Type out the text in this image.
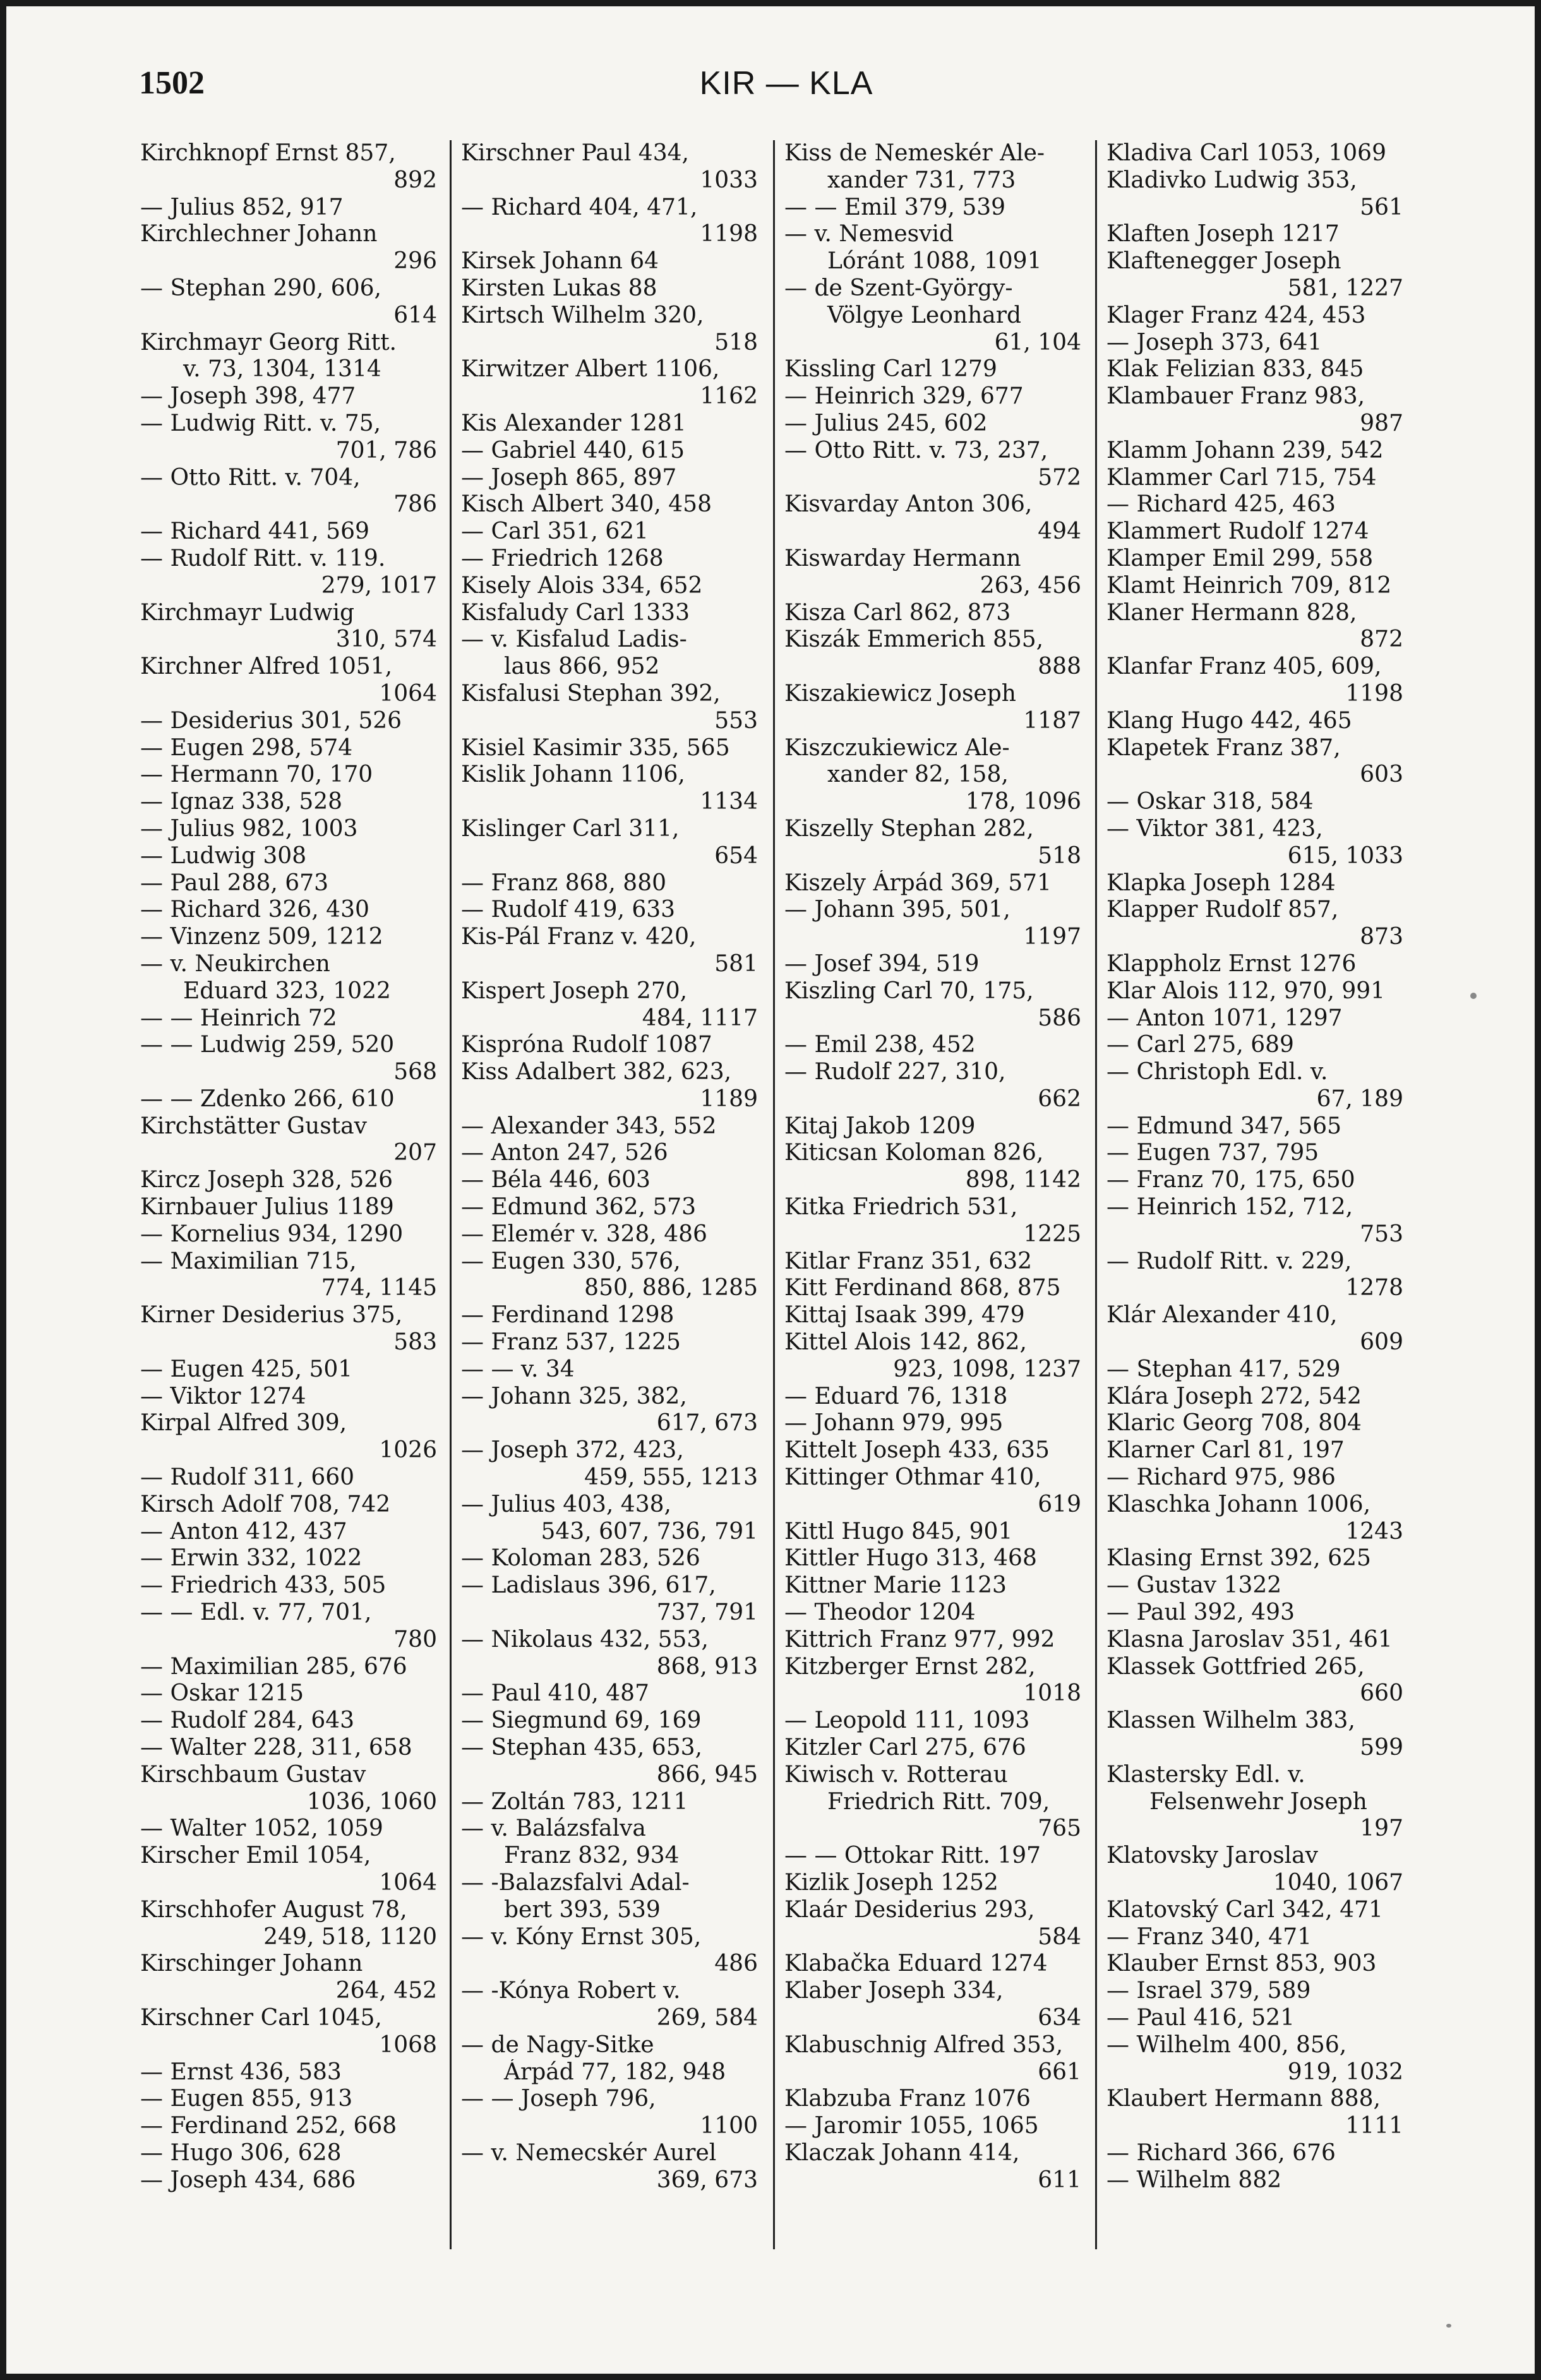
1502	KIR — KLA
Kirchknopf Ernst 857,
892
— Julius 852, 917
Kirchlechner Johann
296
— Stephan 290, 606,
614
Kirchmayr Georg Ritt.
v. 73, 1304, 1314
— Joseph 398, 477
— Ludwig Ritt. v. 75,
701, 786
— Otto Ritt. v. 704,
786
— Richard 441, 569
— Rudolf Ritt. v. 119.
279, 1017
Kirchmayr Ludwig
310, 574
Kirchner Alfred 1051,
1064
— Desiderius 301, 526
— Eugen 298, 574
— Hermann 70, 170
— Ignaz 338, 528
— Julius 982, 1003
— Ludwig 308
— Paul 288, 673
— Richard 326, 430
— Vinzenz 509, 1212
— v. Neukirchen
Eduard 323, 1022
— — Heinrich 72
— — Ludwig 259, 520
568
— — Zdenko 266, 610
Kirchstätter Gustav
207
Kircz Joseph 328, 526
Kirnbauer Julius 1189
— Kornelius 934, 1290
— Maximilian 715,
774, 1145
Kirner Desiderius 375,
583
— Eugen 425, 501
— Viktor 1274
Kirpal Alfred 309,
1026
— Rudolf 311, 660
Kirsch Adolf 708, 742
— Anton 412, 437
— Erwin 332, 1022
— Friedrich 433, 505
— — Edl. v. 77, 701,
780
— Maximilian 285, 676
— Oskar 1215
— Rudolf 284, 643
— Walter 228, 311, 658
Kirschbaum Gustav
1036, 1060
— Walter 1052, 1059
Kirscher Emil 1054,
1064
Kirschhofer August 78,
249, 518, 1120
Kirschinger Johann
264, 452
Kirschner Carl 1045,
1068
— Ernst 436, 583
— Eugen 855, 913
— Ferdinand 252, 668
— Hugo 306, 628
— Joseph 434, 686
Kirschner Paul 434,
1033
— Richard 404, 471,
1198
Kirsek Johann 64
Kirsten Lukas 88
Kirtsch Wilhelm 320,
518
Kirwitzer Albert 1106,
1162
Kis Alexander 1281
— Gabriel 440, 615
— Joseph 865, 897
Kisch Albert 340, 458
— Carl 351, 621
— Friedrich 1268
Kisely Alois 334, 652
Kisfaludy Carl 1333
— v. Kisfalud Ladis-
laus 866, 952
Kisfalusi Stephan 392,
553
Kisiel Kasimir 335, 565
Kislik Johann 1106,
1134
Kislinger Carl 311,
654
— Franz 868, 880
— Rudolf 419, 633
Kis-Pál Franz v. 420,
581
Kispert Joseph 270,
484, 1117
Kisprόna Rudolf 1087
Kiss Adalbert 382, 623,
1189
— Alexander 343, 552
— Anton 247, 526
— Béla 446, 603
— Edmund 362, 573
— Elemér v. 328, 486
— Eugen 330, 576,
850, 886, 1285
— Ferdinand 1298
— Franz 537, 1225
— — v. 34
— Johann 325, 382,
617, 673
— Joseph 372, 423,
459, 555, 1213
— Julius 403, 438,
543, 607, 736, 791
— Koloman 283, 526
— Ladislaus 396, 617,
737, 791
— Nikolaus 432, 553,
868, 913
— Paul 410, 487
— Siegmund 69, 169
— Stephan 435, 653,
866, 945
— Zoltán 783, 1211
— v. Balázsfalva
Franz 832, 934
— -Balazsfalvi Adal-
bert 393, 539
— v. Kóny Ernst 305,
486
— -Kónya Robert v.
269, 584
— de Nagy-Sitke
Árpád 77, 182, 948
— — Joseph 796,
1100
— v. Nemecskér Aurel
369, 673
Kiss de Nemeskér Ale-
xander 731, 773
— — Emil 379, 539
— v. Nemesvid
Lóránt 1088, 1091
— de Szent-György-
Völgye Leonhard
61, 104
Kissling Carl 1279
— Heinrich 329, 677
— Julius 245, 602
— Otto Ritt. v. 73, 237,
572
Kisvarday Anton 306,
494
Kiswarday Hermann
263, 456
Kisza Carl 862, 873
Kiszák Emmerich 855,
888
Kiszakiewicz Joseph
1187
Kiszczukiewicz Ale-
xander 82, 158,
178, 1096
Kiszelly Stephan 282,
518
Kiszely Árpád 369, 571
— Johann 395, 501,
1197
— Josef 394, 519
Kiszling Carl 70, 175,
586
— Emil 238, 452
— Rudolf 227, 310,
662
Kitaj Jakob 1209
Kiticsan Koloman 826,
898, 1142
Kitka Friedrich 531,
1225
Kitlar Franz 351, 632
Kitt Ferdinand 868, 875
Kittaj Isaak 399, 479
Kittel Alois 142, 862,
923, 1098, 1237
— Eduard 76, 1318
— Johann 979, 995
Kittelt Joseph 433, 635
Kittinger Othmar 410,
619
Kittl Hugo 845, 901
Kittler Hugo 313, 468
Kittner Marie 1123
— Theodor 1204
Kittrich Franz 977, 992
Kitzberger Ernst 282,
1018
— Leopold 111, 1093
Kitzler Carl 275, 676
Kiwisch v. Rotterau
Friedrich Ritt. 709,
765
— — Ottokar Ritt. 197
Kizlik Joseph 1252
Klaár Desiderius 293,
584
Klabačka Eduard 1274
Klaber Joseph 334,
634
Klabuschnig Alfred 353,
661
Klabzuba Franz 1076
— Jaromir 1055, 1065
Klaczak Johann 414,
611
Kladiva Carl 1053, 1069
Kladivko Ludwig 353,
561
Klaften Joseph 1217
Klaftenegger Joseph
581, 1227
Klager Franz 424, 453
— Joseph 373, 641
Klak Felizian 833, 845
Klambauer Franz 983,
987
Klamm Johann 239, 542
Klammer Carl 715, 754
— Richard 425, 463
Klammert Rudolf 1274
Klamper Emil 299, 558
Klamt Heinrich 709, 812
Klaner Hermann 828,
872
Klanfar Franz 405, 609,
1198
Klang Hugo 442, 465
Klapetek Franz 387,
603
— Oskar 318, 584
— Viktor 381, 423,
615, 1033
Klapka Joseph 1284
Klapper Rudolf 857,
873
Klappholz Ernst 1276
Klar Alois 112, 970, 991
— Anton 1071, 1297
— Carl 275, 689
— Christoph Edl. v.
67, 189
— Edmund 347, 565
— Eugen 737, 795
— Franz 70, 175, 650
— Heinrich 152, 712,
753
— Rudolf Ritt. v. 229,
1278
Klár Alexander 410,
609
— Stephan 417, 529
Klára Joseph 272, 542
Klaric Georg 708, 804
Klarner Carl 81, 197
— Richard 975, 986
Klaschka Johann 1006,
1243
Klasing Ernst 392, 625
— Gustav 1322
— Paul 392, 493
Klasna Jaroslav 351, 461
Klassek Gottfried 265,
660
Klassen Wilhelm 383,
599
Klastersky Edl. v.
Felsenwehr Joseph
197
Klatovsky Jaroslav
1040, 1067
Klatovský Carl 342, 471
— Franz 340, 471
Klauber Ernst 853, 903
— Israel 379, 589
— Paul 416, 521
— Wilhelm 400, 856,
919, 1032
Klaubert Hermann 888,
1111
— Richard 366, 676
— Wilhelm 882
